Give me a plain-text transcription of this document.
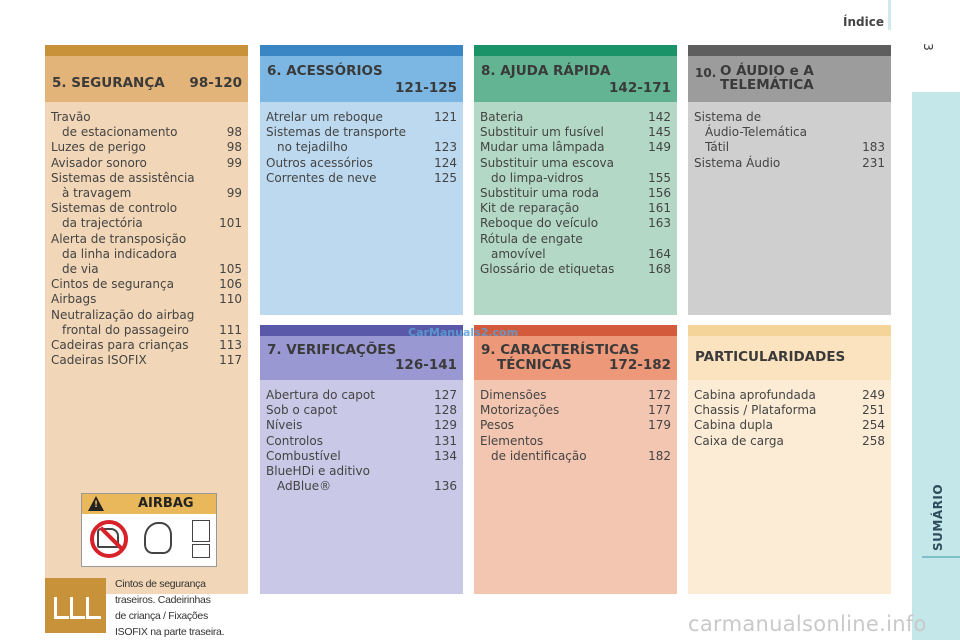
Índice
3
SUMÁRIO
5. SEGURANÇA 98-120
Travão
de estacionamento	98
Luzes de perigo	98
Avisador sonoro	99
Sistemas de assistência
à travagem	99
Sistemas de controlo
da trajectória	101
Alerta de transposição
da linha indicadora
de via	105
Cintos de segurança	106
Airbags	110
Neutralização do airbag
frontal do passageiro	111
Cadeiras para crianças	113
Cadeiras ISOFIX	117
!	AIRBAG
Cintos de segurança
traseiros. Cadeirinhas
de criança / Fixações
ISOFIX na parte traseira.
6. ACESSÓRIOS
121-125
Atrelar um reboque	121
Sistemas de transporte
no tejadilho	123
Outros acessórios	124
Correntes de neve	125
8. AJUDA RÁPIDA
142-171
Bateria	142
Substituir um fusível	145
Mudar uma lâmpada	149
Substituir uma escova
do limpa-vidros	155
Substituir uma roda	156
Kit de reparação	161
Reboque do veículo	163
Rótula de engate
amovível	164
Glossário de etiquetas	168
10. O ÁUDIO e A
TELEMÁTICA
Sistema de
Áudio-Telemática
Tátil	183
Sistema Áudio	231
7. VERIFICAÇÕES
126-141
Abertura do capot	127
Sob o capot	128
Níveis	129
Controlos	131
Combustível	134
BlueHDi e aditivo
AdBlue®	136
9. CARACTERÍSTICAS
TÉCNICAS	172-182
Dimensões	172
Motorizações	177
Pesos	179
Elementos
de identificação	182
PARTICULARIDADES
Cabina aprofundada	249
Chassis / Plataforma	251
Cabina dupla	254
Caixa de carga	258
CarManuals2.com
carmanualsonline.info
